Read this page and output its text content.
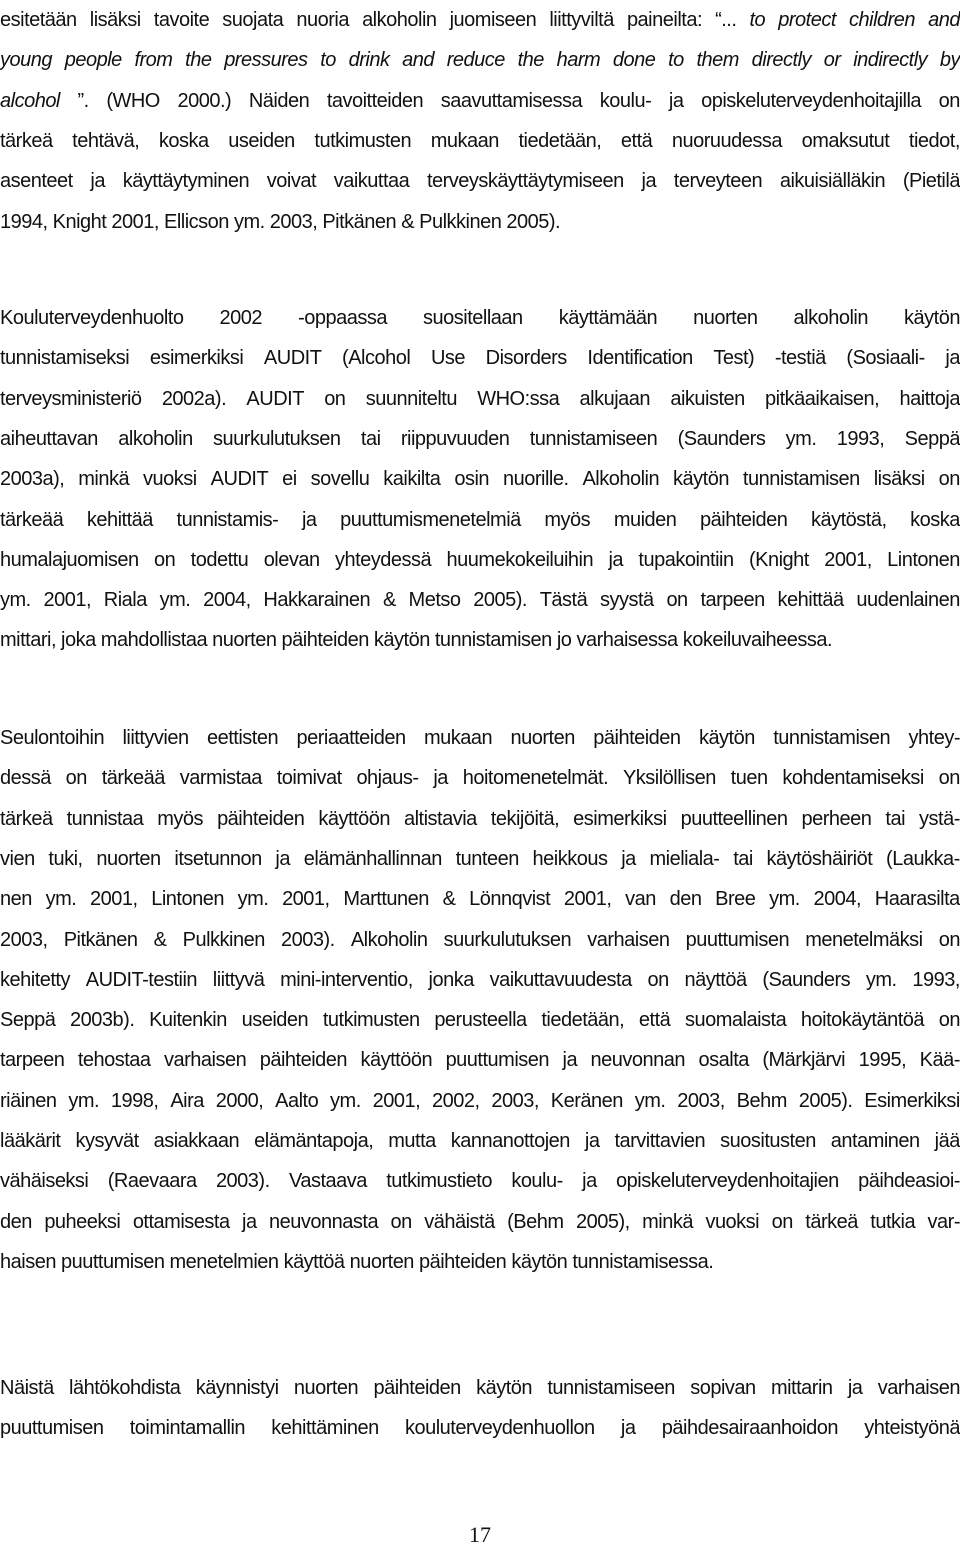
esitetään lisäksi tavoite suojata nuoria alkoholin juomiseen liittyviltä paineilta: “... to protect children and
young people from the pressures to drink and reduce the harm done to them directly or indirectly by
alcohol ”. (WHO 2000.) Näiden tavoitteiden saavuttamisessa koulu- ja opiskeluterveydenhoitajilla on
tärkeä tehtävä, koska useiden tutkimusten mukaan tiedetään, että nuoruudessa omaksutut tiedot,
asenteet ja käyttäytyminen voivat vaikuttaa terveyskäyttäytymiseen ja terveyteen aikuisiälläkin (Pietilä
1994, Knight 2001, Ellicson ym. 2003, Pitkänen & Pulkkinen 2005).
Kouluterveydenhuolto 2002 -oppaassa suositellaan käyttämään nuorten alkoholin käytön
tunnistamiseksi esimerkiksi AUDIT (Alcohol Use Disorders Identification Test) -testiä (Sosiaali- ja
terveysministeriö 2002a). AUDIT on suunniteltu WHO:ssa alkujaan aikuisten pitkäaikaisen, haittoja
aiheuttavan alkoholin suurkulutuksen tai riippuvuuden tunnistamiseen (Saunders ym. 1993, Seppä
2003a), minkä vuoksi AUDIT ei sovellu kaikilta osin nuorille. Alkoholin käytön tunnistamisen lisäksi on
tärkeää kehittää tunnistamis- ja puuttumismenetelmiä myös muiden päihteiden käytöstä, koska
humalajuomisen on todettu olevan yhteydessä huumekokeiluihin ja tupakointiin (Knight 2001, Lintonen
ym. 2001, Riala ym. 2004, Hakkarainen & Metso 2005). Tästä syystä on tarpeen kehittää uudenlainen
mittari, joka mahdollistaa nuorten päihteiden käytön tunnistamisen jo varhaisessa kokeiluvaiheessa.
Seulontoihin liittyvien eettisten periaatteiden mukaan nuorten päihteiden käytön tunnistamisen yhtey-
dessä on tärkeää varmistaa toimivat ohjaus- ja hoitomenetelmät. Yksilöllisen tuen kohdentamiseksi on
tärkeä tunnistaa myös päihteiden käyttöön altistavia tekijöitä, esimerkiksi puutteellinen perheen tai ystä-
vien tuki, nuorten itsetunnon ja elämänhallinnan tunteen heikkous ja mieliala- tai käytöshäiriöt (Laukka-
nen ym. 2001, Lintonen ym. 2001, Marttunen & Lönnqvist 2001, van den Bree ym. 2004, Haarasilta
2003, Pitkänen & Pulkkinen 2003). Alkoholin suurkulutuksen varhaisen puuttumisen menetelmäksi on
kehitetty AUDIT-testiin liittyvä mini-interventio, jonka vaikuttavuudesta on näyttöä (Saunders ym. 1993,
Seppä 2003b). Kuitenkin useiden tutkimusten perusteella tiedetään, että suomalaista hoitokäytäntöä on
tarpeen tehostaa varhaisen päihteiden käyttöön puuttumisen ja neuvonnan osalta (Märkjärvi 1995, Kää-
riäinen ym. 1998, Aira 2000, Aalto ym. 2001, 2002, 2003, Keränen ym. 2003, Behm 2005). Esimerkiksi
lääkärit kysyvät asiakkaan elämäntapoja, mutta kannanottojen ja tarvittavien suositusten antaminen jää
vähäiseksi (Raevaara 2003). Vastaava tutkimustieto koulu- ja opiskeluterveydenhoitajien päihdeasioi-
den puheeksi ottamisesta ja neuvonnasta on vähäistä (Behm 2005), minkä vuoksi on tärkeä tutkia var-
haisen puuttumisen menetelmien käyttöä nuorten päihteiden käytön tunnistamisessa.
Näistä lähtökohdista käynnistyi nuorten päihteiden käytön tunnistamiseen sopivan mittarin ja varhaisen
puuttumisen toimintamallin kehittäminen kouluterveydenhuollon ja päihdesairaanhoidon yhteistyönä
17
